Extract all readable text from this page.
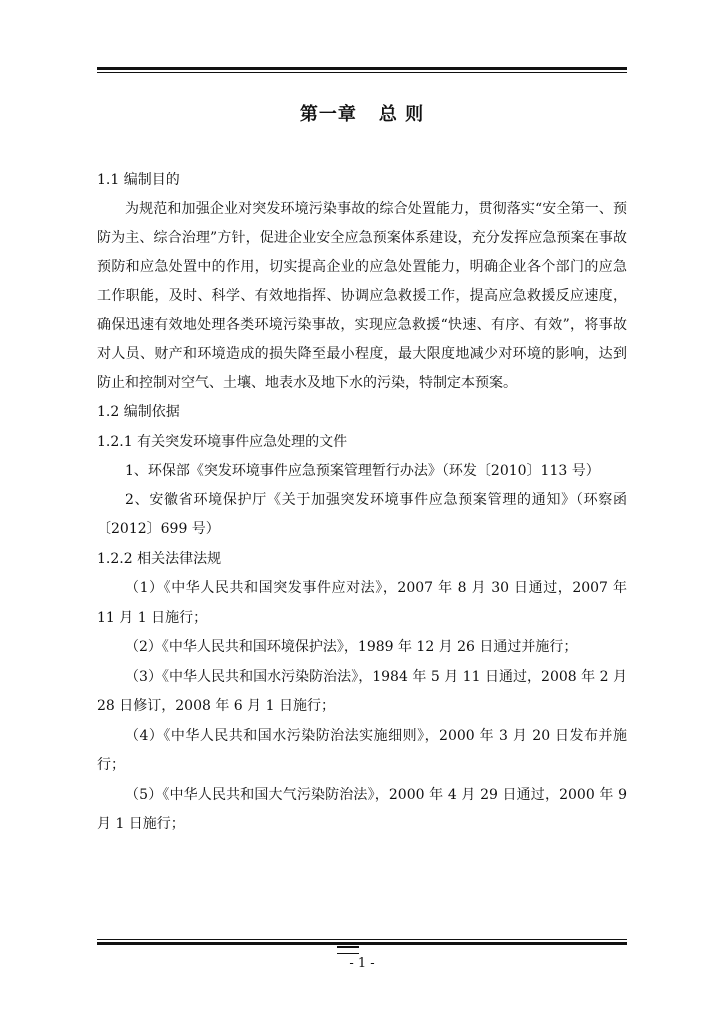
第一章 总 则

1.1 编制目的

为规范和加强企业对突发环境污染事故的综合处置能力，贯彻落实“安全第一、预防为主、综合治理”方针，促进企业安全应急预案体系建设，充分发挥应急预案在事故预防和应急处置中的作用，切实提高企业的应急处置能力，明确企业各个部门的应急工作职能，及时、科学、有效地指挥、协调应急救援工作，提高应急救援反应速度，确保迅速有效地处理各类环境污染事故，实现应急救援“快速、有序、有效”，将事故对人员、财产和环境造成的损失降至最小程度，最大限度地减少对环境的影响，达到防止和控制对空气、土壤、地表水及地下水的污染，特制定本预案。

1.2 编制依据

1.2.1 有关突发环境事件应急处理的文件

1、环保部《突发环境事件应急预案管理暂行办法》（环发〔2010〕113 号）

2、安徽省环境保护厅《关于加强突发环境事件应急预案管理的通知》（环察函〔2012〕699 号）

1.2.2 相关法律法规

（1）《中华人民共和国突发事件应对法》，2007 年 8 月 30 日通过，2007 年 11 月 1 日施行；

（2）《中华人民共和国环境保护法》，1989 年 12 月 26 日通过并施行；

（3）《中华人民共和国水污染防治法》，1984 年 5 月 11 日通过，2008 年 2 月 28 日修订，2008 年 6 月 1 日施行；

（4）《中华人民共和国水污染防治法实施细则》，2000 年 3 月 20 日发布并施行；

（5）《中华人民共和国大气污染防治法》，2000 年 4 月 29 日通过，2000 年 9 月 1 日施行；

- 1 -
